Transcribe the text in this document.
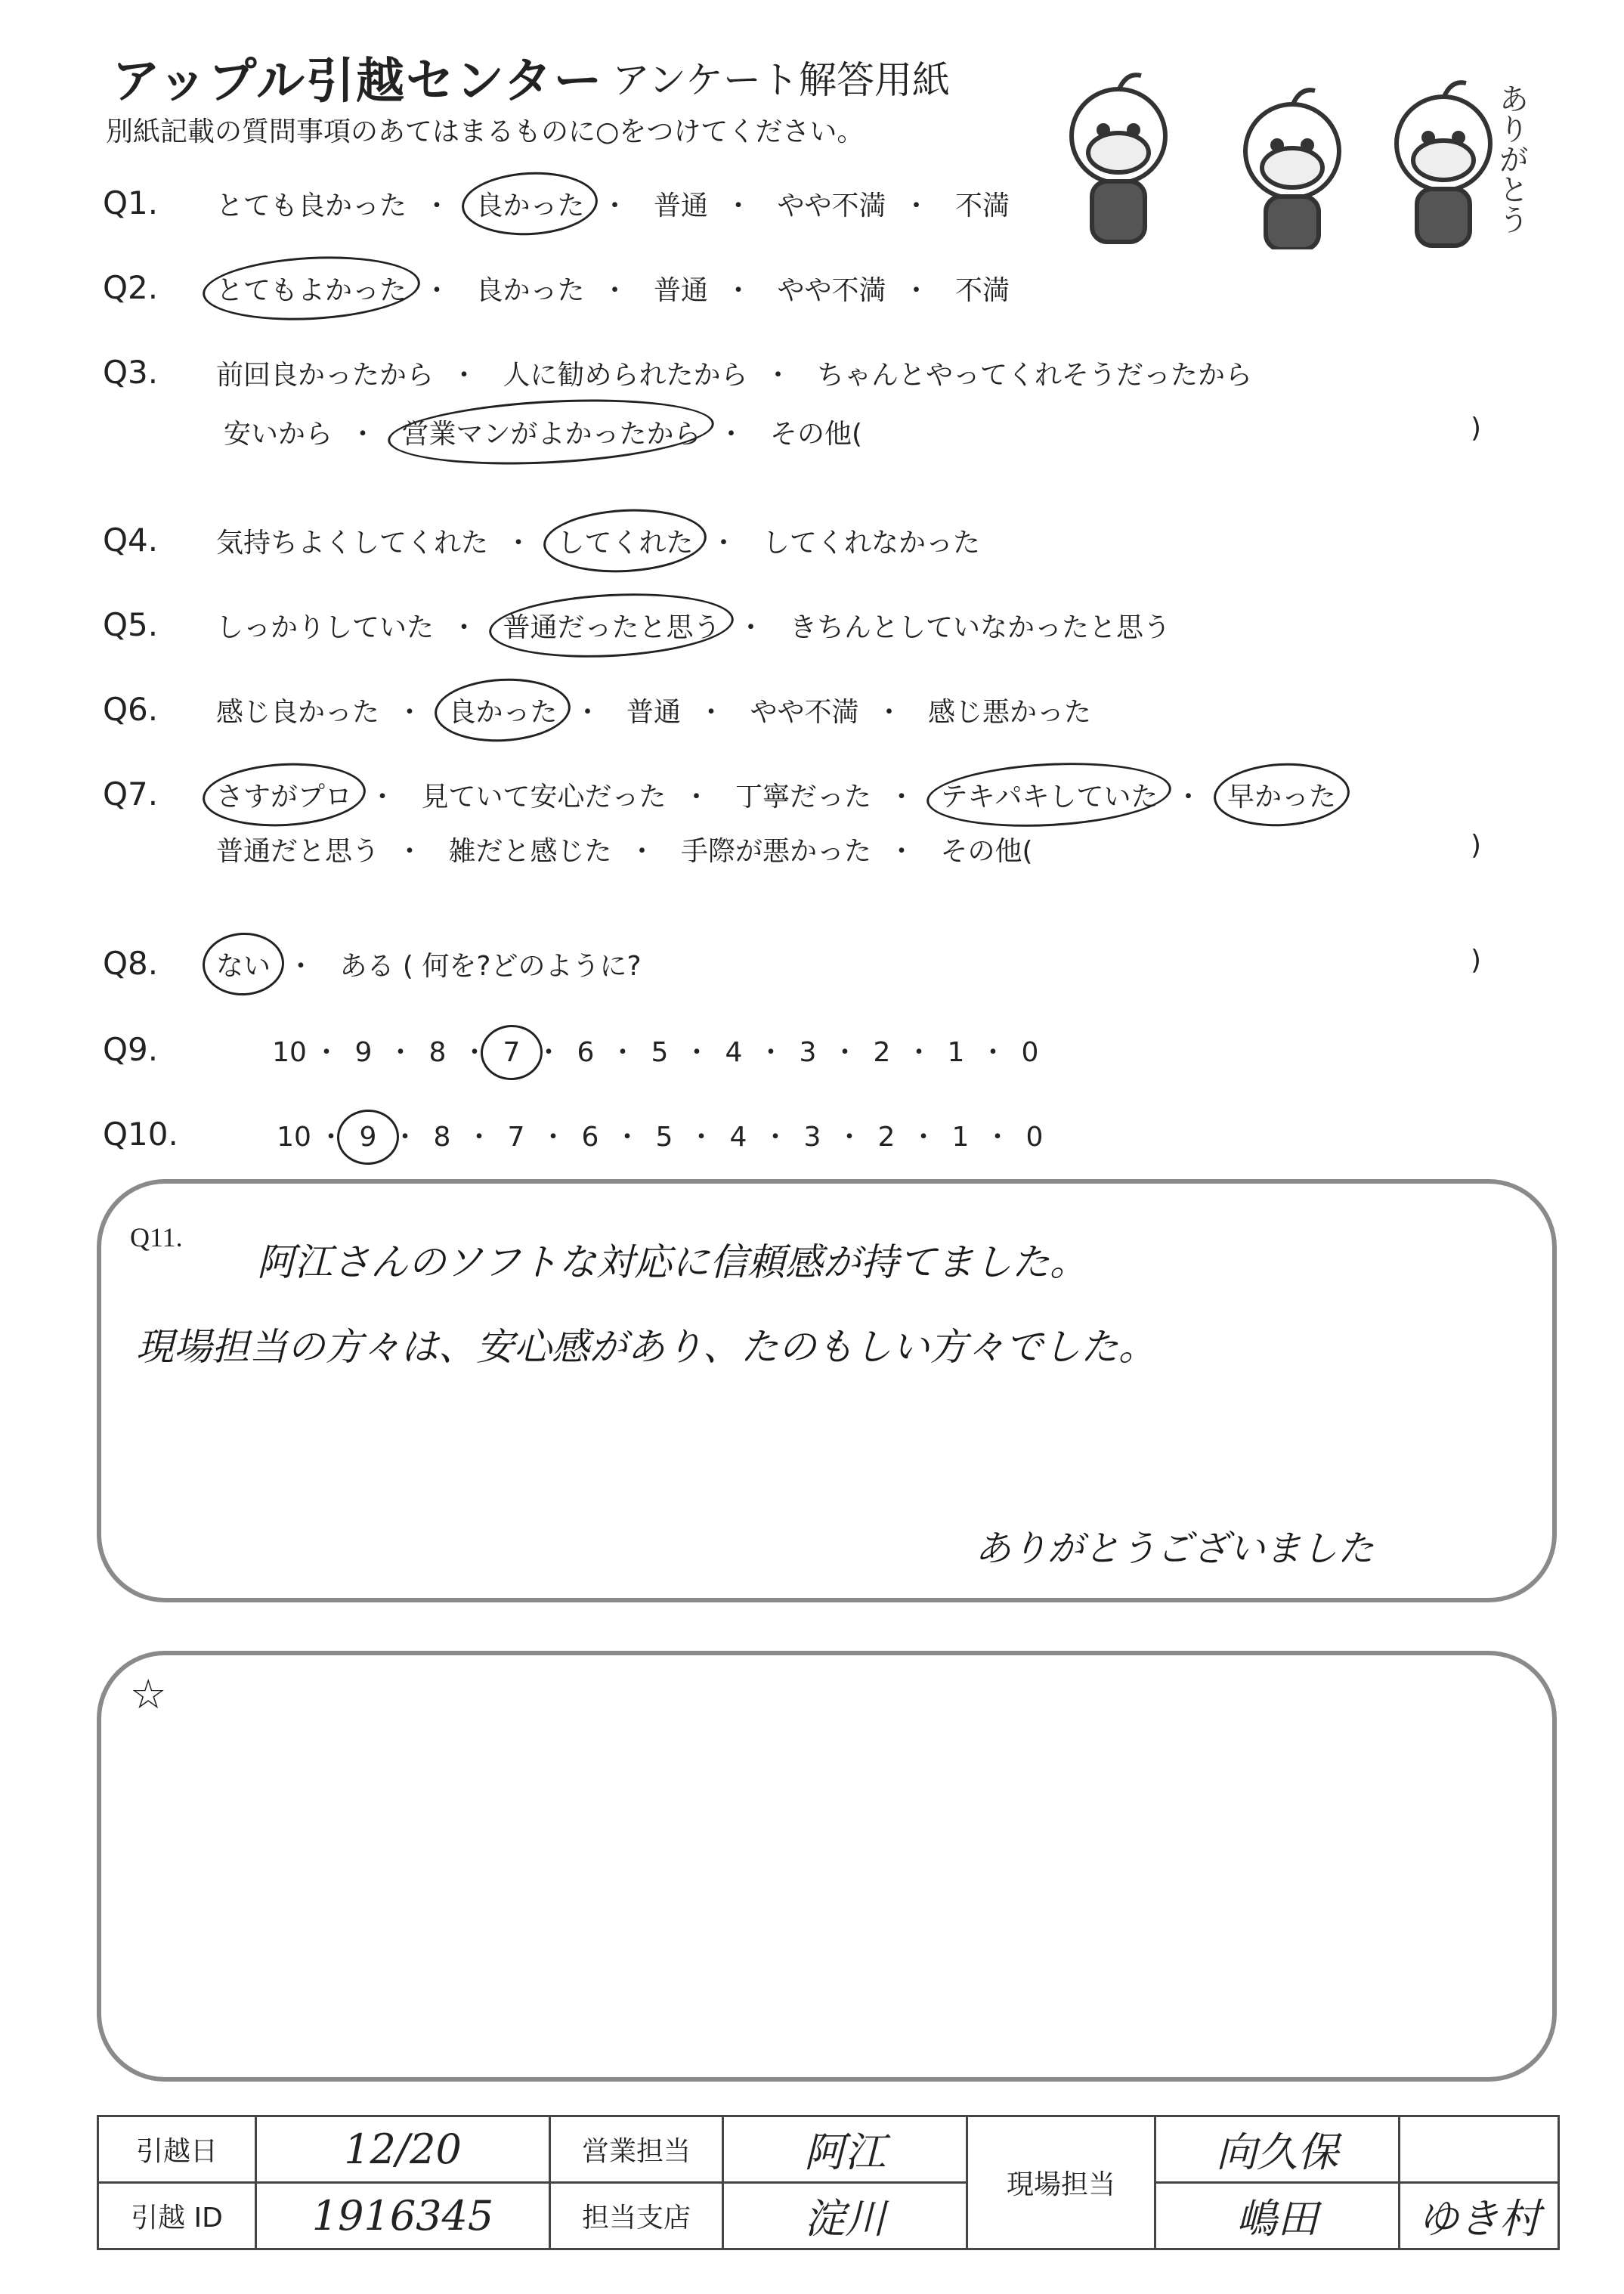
アップル引越センター アンケート解答用紙
別紙記載の質問事項のあてはまるものに○をつけてください。	ありがとう
Q1. とても良かった ・ 良かった ・ 普通 ・ やや不満 ・ 不満
Q2. とてもよかった ・ 良かった ・ 普通 ・ やや不満 ・ 不満
Q3. 前回良かったから ・ 人に勧められたから ・ ちゃんとやってくれそうだったから
安いから ・ 営業マンがよかったから ・ その他(	)
Q4. 気持ちよくしてくれた ・ してくれた ・ してくれなかった
Q5. しっかりしていた ・ 普通だったと思う ・ きちんとしていなかったと思う
Q6. 感じ良かった ・ 良かった ・ 普通 ・ やや不満 ・ 感じ悪かった
Q7. さすがプロ ・ 見ていて安心だった ・ 丁寧だった ・ テキパキしていた ・ 早かった
普通だと思う ・ 雑だと感じた ・ 手際が悪かった ・ その他(	)
Q8. ない ・ ある ( 何を?どのように?	)
Q9.	10 ・ 9 ・ 8 ・ 7 ・ 6 ・ 5 ・ 4 ・ 3 ・ 2 ・ 1 ・ 0
Q10.	10 ・ 9 ・ 8 ・ 7 ・ 6 ・ 5 ・ 4 ・ 3 ・ 2 ・ 1 ・ 0
Q11.
阿江さんのソフトな対応に信頼感が持てました。
現場担当の方々は、安心感があり、たのもしい方々でした。
ありがとうございました
☆
引越日	12/20	営業担当	阿江	現場担当	向久保	
引越 ID	1916345	担当支店	淀川		嶋田	ゆき村
